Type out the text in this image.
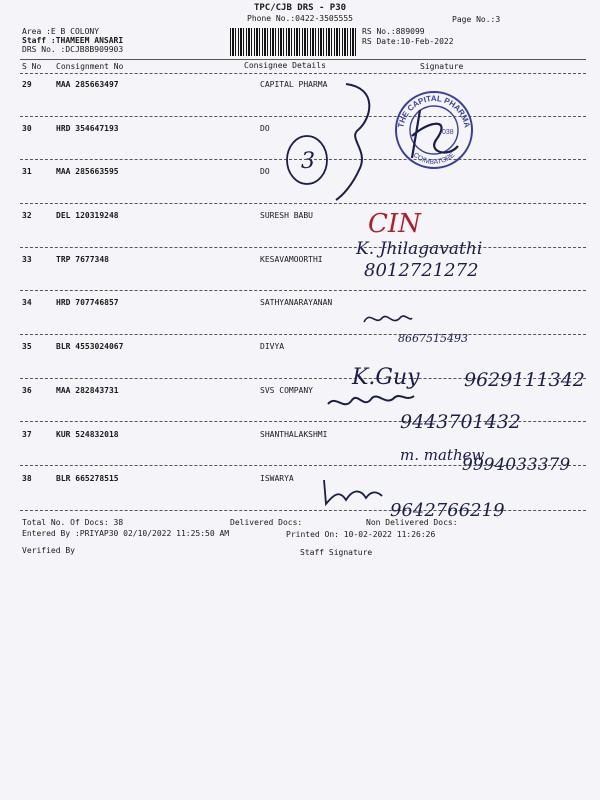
TPC/CJB DRS - P30
Phone No.:0422-3505555	Page No.:3
Area :E B COLONY
Staff :THAMEEM ANSARI
DRS No. :DCJB8B909903
RS No.:889099
RS Date:10-Feb-2022
S No Consignment No	Consignee Details	Signature
29	MAA 285663497	CAPITAL PHARMA
30	HRD 354647193	DO
31	MAA 285663595	DO
32	DEL 120319248	SURESH BABU
33	TRP 7677348	KESAVAMOORTHI
34	HRD 707746857	SATHYANARAYANAN
35	BLR 4553024067	DIVYA
36	MAA 282843731	SVS COMPANY
37	KUR 524832018	SHANTHALAKSHMI
38	BLR 665278515	ISWARYA
Total No. Of Docs: 38	Delivered Docs:	Non Delivered Docs:
Entered By :PRIYAP30 02/10/2022 11:25:50 AM	Printed On: 10-02-2022 11:26:26
Verified By	Staff Signature
3
THE CAPITAL PHARMA
COIMBATORE
038
CIN
K. Jhilagavathi
8012721272
8667515493
K.Guy 9629111342
9443701432
m. mathew
9994033379
9642766219
